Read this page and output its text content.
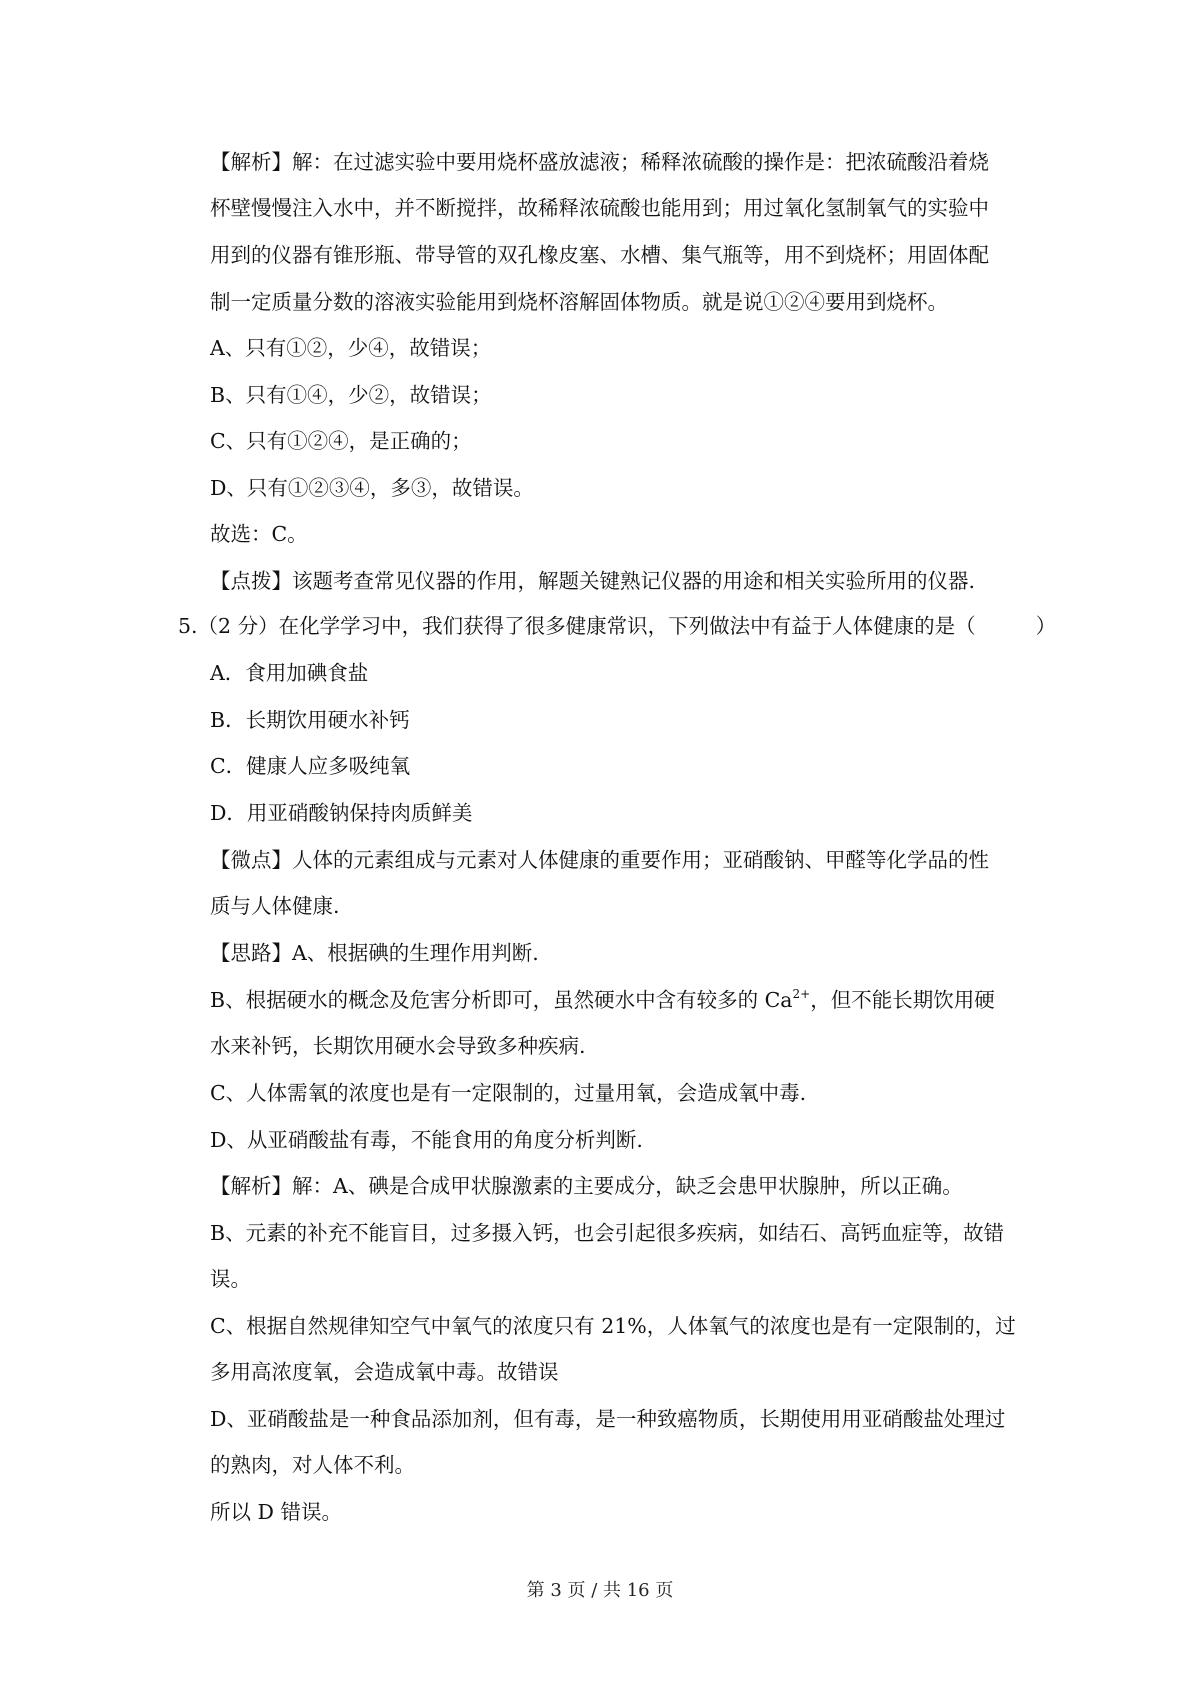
【解析】解：在过滤实验中要用烧杯盛放滤液；稀释浓硫酸的操作是：把浓硫酸沿着烧
杯壁慢慢注入水中，并不断搅拌，故稀释浓硫酸也能用到；用过氧化氢制氧气的实验中
用到的仪器有锥形瓶、带导管的双孔橡皮塞、水槽、集气瓶等，用不到烧杯；用固体配
制一定质量分数的溶液实验能用到烧杯溶解固体物质。就是说①②④要用到烧杯。
A、只有①②，少④，故错误；
B、只有①④，少②，故错误；
C、只有①②④，是正确的；
D、只有①②③④，多③，故错误。
故选：C。
【点拨】该题考查常见仪器的作用，解题关键熟记仪器的用途和相关实验所用的仪器.
5.（2 分）在化学学习中，我们获得了很多健康常识，下列做法中有益于人体健康的是（	）
A．食用加碘食盐
B．长期饮用硬水补钙
C．健康人应多吸纯氧
D．用亚硝酸钠保持肉质鲜美
【微点】人体的元素组成与元素对人体健康的重要作用；亚硝酸钠、甲醛等化学品的性
质与人体健康.
【思路】A、根据碘的生理作用判断.
B、根据硬水的概念及危害分析即可，虽然硬水中含有较多的 $Ca^{2+}$，但不能长期饮用硬
水来补钙，长期饮用硬水会导致多种疾病.
C、人体需氧的浓度也是有一定限制的，过量用氧，会造成氧中毒.
D、从亚硝酸盐有毒，不能食用的角度分析判断.
【解析】解：A、碘是合成甲状腺激素的主要成分，缺乏会患甲状腺肿，所以正确。
B、元素的补充不能盲目，过多摄入钙，也会引起很多疾病，如结石、高钙血症等，故错
误。
C、根据自然规律知空气中氧气的浓度只有 21%，人体氧气的浓度也是有一定限制的，过
多用高浓度氧，会造成氧中毒。故错误
D、亚硝酸盐是一种食品添加剂，但有毒，是一种致癌物质，长期使用用亚硝酸盐处理过
的熟肉，对人体不利。
所以 D 错误。
第 3 页 / 共 16 页
